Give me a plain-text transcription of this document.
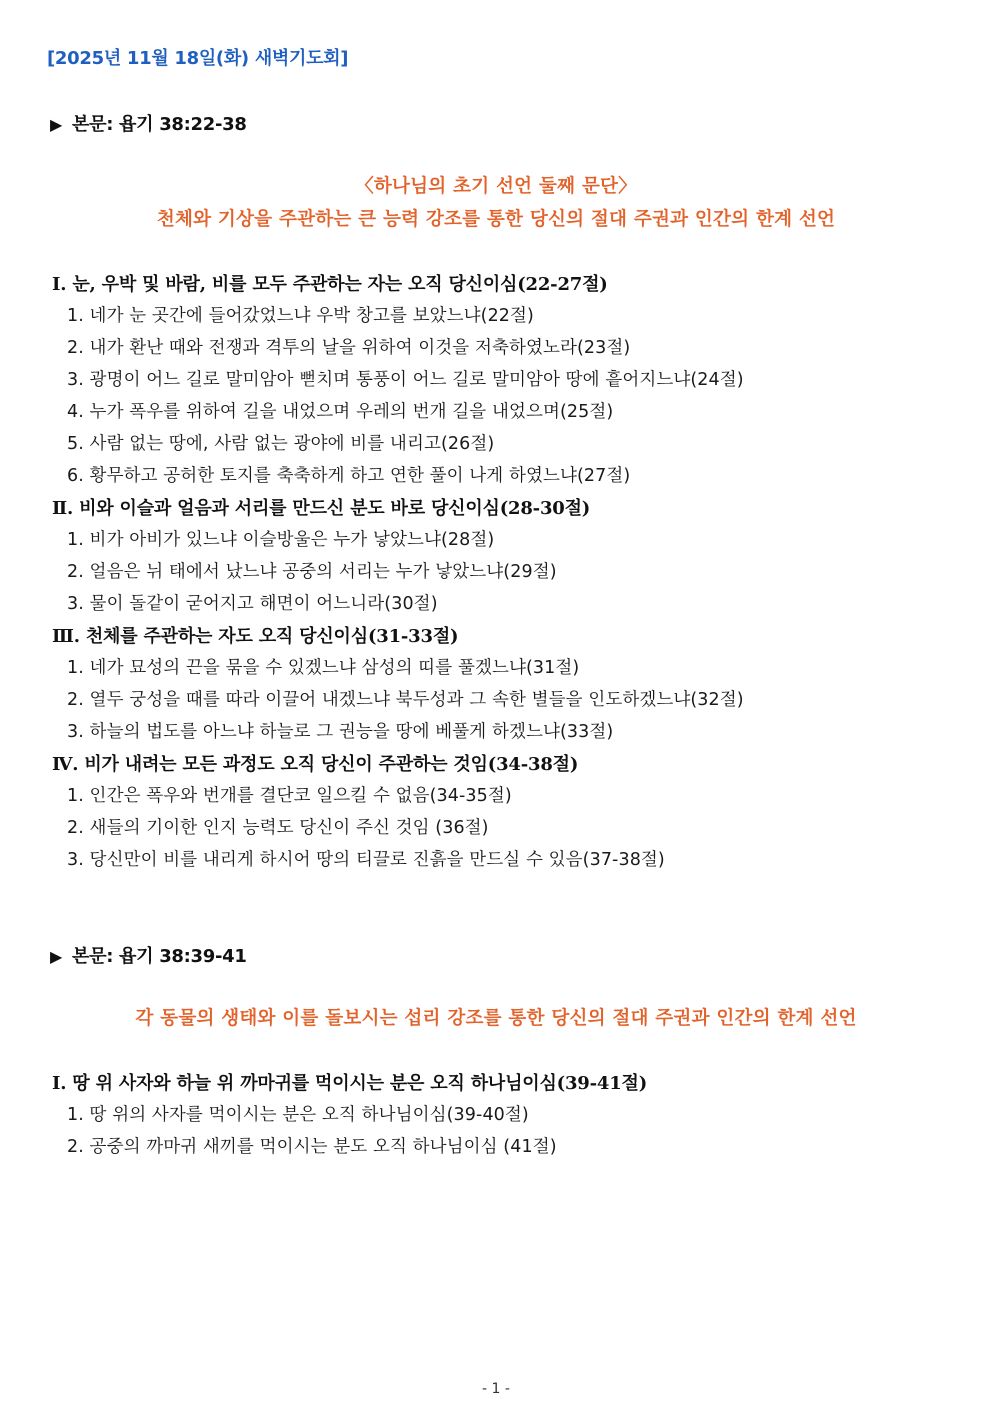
[2025년 11월 18일(화) 새벽기도회]
▶ 본문: 욥기 38:22-38
〈하나님의 초기 선언 둘째 문단〉
천체와 기상을 주관하는 큰 능력 강조를 통한 당신의 절대 주권과 인간의 한계 선언
Ⅰ. 눈, 우박 및 바람, 비를 모두 주관하는 자는 오직 당신이심(22-27절)
1. 네가 눈 곳간에 들어갔었느냐 우박 창고를 보았느냐(22절)
2. 내가 환난 때와 전쟁과 격투의 날을 위하여 이것을 저축하였노라(23절)
3. 광명이 어느 길로 말미암아 뻗치며 통풍이 어느 길로 말미암아 땅에 흩어지느냐(24절)
4. 누가 폭우를 위하여 길을 내었으며 우레의 번개 길을 내었으며(25절)
5. 사람 없는 땅에, 사람 없는 광야에 비를 내리고(26절)
6. 황무하고 공허한 토지를 축축하게 하고 연한 풀이 나게 하였느냐(27절)
Ⅱ. 비와 이슬과 얼음과 서리를 만드신 분도 바로 당신이심(28-30절)
1. 비가 아비가 있느냐 이슬방울은 누가 낳았느냐(28절)
2. 얼음은 뉘 태에서 났느냐 공중의 서리는 누가 낳았느냐(29절)
3. 물이 돌같이 굳어지고 해면이 어느니라(30절)
Ⅲ. 천체를 주관하는 자도 오직 당신이심(31-33절)
1. 네가 묘성의 끈을 묶을 수 있겠느냐 삼성의 띠를 풀겠느냐(31절)
2. 열두 궁성을 때를 따라 이끌어 내겠느냐 북두성과 그 속한 별들을 인도하겠느냐(32절)
3. 하늘의 법도를 아느냐 하늘로 그 권능을 땅에 베풀게 하겠느냐(33절)
Ⅳ. 비가 내려는 모든 과정도 오직 당신이 주관하는 것임(34-38절)
1. 인간은 폭우와 번개를 결단코 일으킬 수 없음(34-35절)
2. 새들의 기이한 인지 능력도 당신이 주신 것임 (36절)
3. 당신만이 비를 내리게 하시어 땅의 티끌로 진흙을 만드실 수 있음(37-38절)
▶ 본문: 욥기 38:39-41
각 동물의 생태와 이를 돌보시는 섭리 강조를 통한 당신의 절대 주권과 인간의 한계 선언
Ⅰ. 땅 위 사자와 하늘 위 까마귀를 먹이시는 분은 오직 하나님이심(39-41절)
1. 땅 위의 사자를 먹이시는 분은 오직 하나님이심(39-40절)
2. 공중의 까마귀 새끼를 먹이시는 분도 오직 하나님이심 (41절)
- 1 -
